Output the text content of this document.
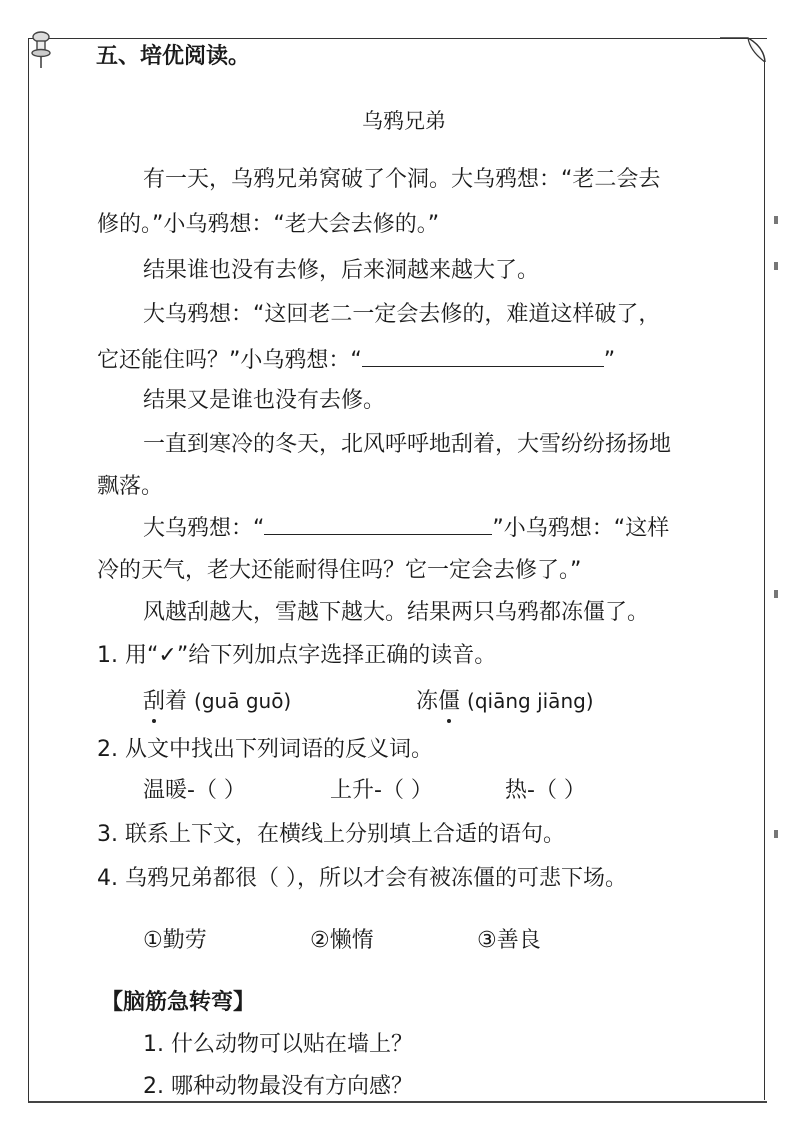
五、培优阅读。
乌鸦兄弟
有一天，乌鸦兄弟窝破了个洞。大乌鸦想：“老二会去
修的。”小乌鸦想：“老大会去修的。”
结果谁也没有去修，后来洞越来越大了。
大乌鸦想：“这回老二一定会去修的，难道这样破了，
它还能住吗？”小乌鸦想：“	”
结果又是谁也没有去修。
一直到寒冷的冬天，北风呼呼地刮着，大雪纷纷扬扬地
飘落。
大乌鸦想：“	”小乌鸦想：“这样
冷的天气，老大还能耐得住吗？它一定会去修了。”
风越刮越大，雪越下越大。结果两只乌鸦都冻僵了。
1. 用“✓”给下列加点字选择正确的读音。
刮着 (guā guō)	冻僵 (qiāng jiāng)
2. 从文中找出下列词语的反义词。
温暖-（ ）	上升-（ ）	热-（ ）
3. 联系上下文，在横线上分别填上合适的语句。
4. 乌鸦兄弟都很（ ），所以才会有被冻僵的可悲下场。
①勤劳	②懒惰	③善良
【脑筋急转弯】
1. 什么动物可以贴在墙上？
2. 哪种动物最没有方向感？
